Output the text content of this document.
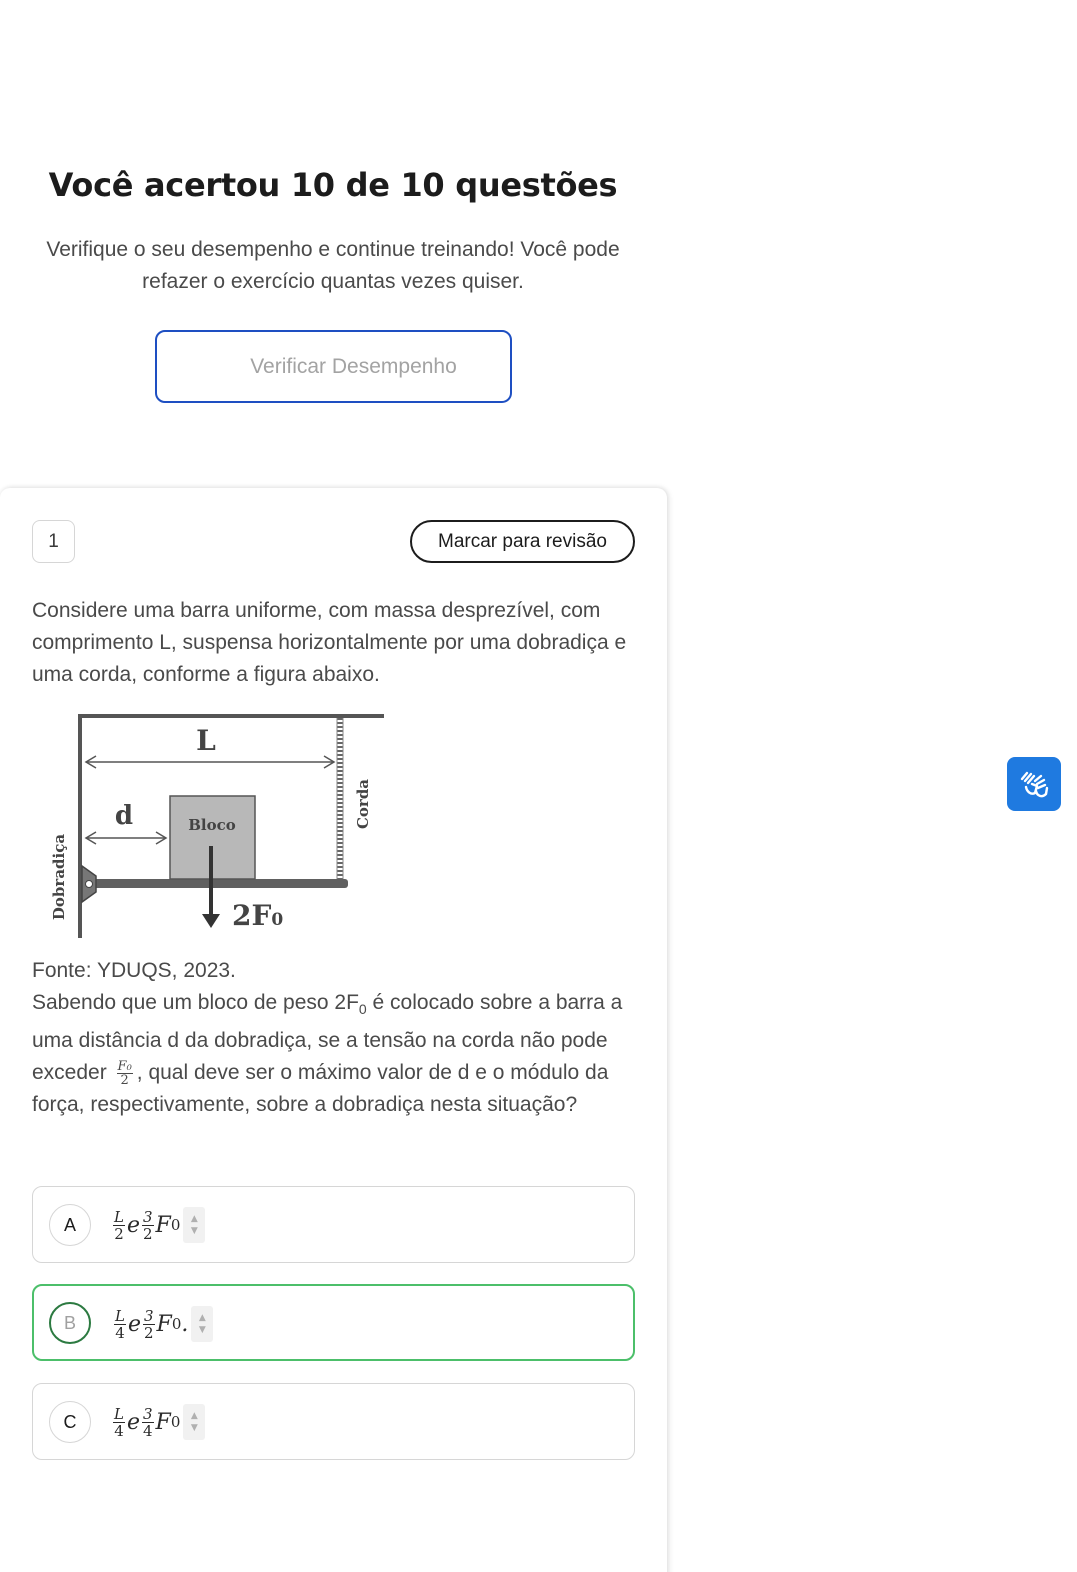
Você acertou 10 de 10 questões

Verifique o seu desempenho e continue treinando! Você pode refazer o exercício quantas vezes quiser.

Verificar Desempenho
1	Marcar para revisão

Considere uma barra uniforme, com massa desprezível, com comprimento L, suspensa horizontalmente por uma dobradiça e uma corda, conforme a figura abaixo.

L
d	Bloco	Corda
Dobradiça	2F0

Fonte: YDUQS, 2023.

Sabendo que um bloco de peso $2F_0$ é colocado sobre a barra a uma distância d da dobradiça, se a tensão na corda não pode exceder $\frac{\text{F₀}}{2}$ , qual deve ser o máximo valor de d e o módulo da força, respectivamente, sobre a dobradiça nesta situação?

A	$\frac{L}{2}$ e $\frac{3}{2}$ F 0 ▲
▼
B	$\frac{L}{4}$ e $\frac{3}{2}$ F 0 . ▲
▼
C	$\frac{L}{4}$ e $\frac{3}{4}$ F 0 ▲
▼
